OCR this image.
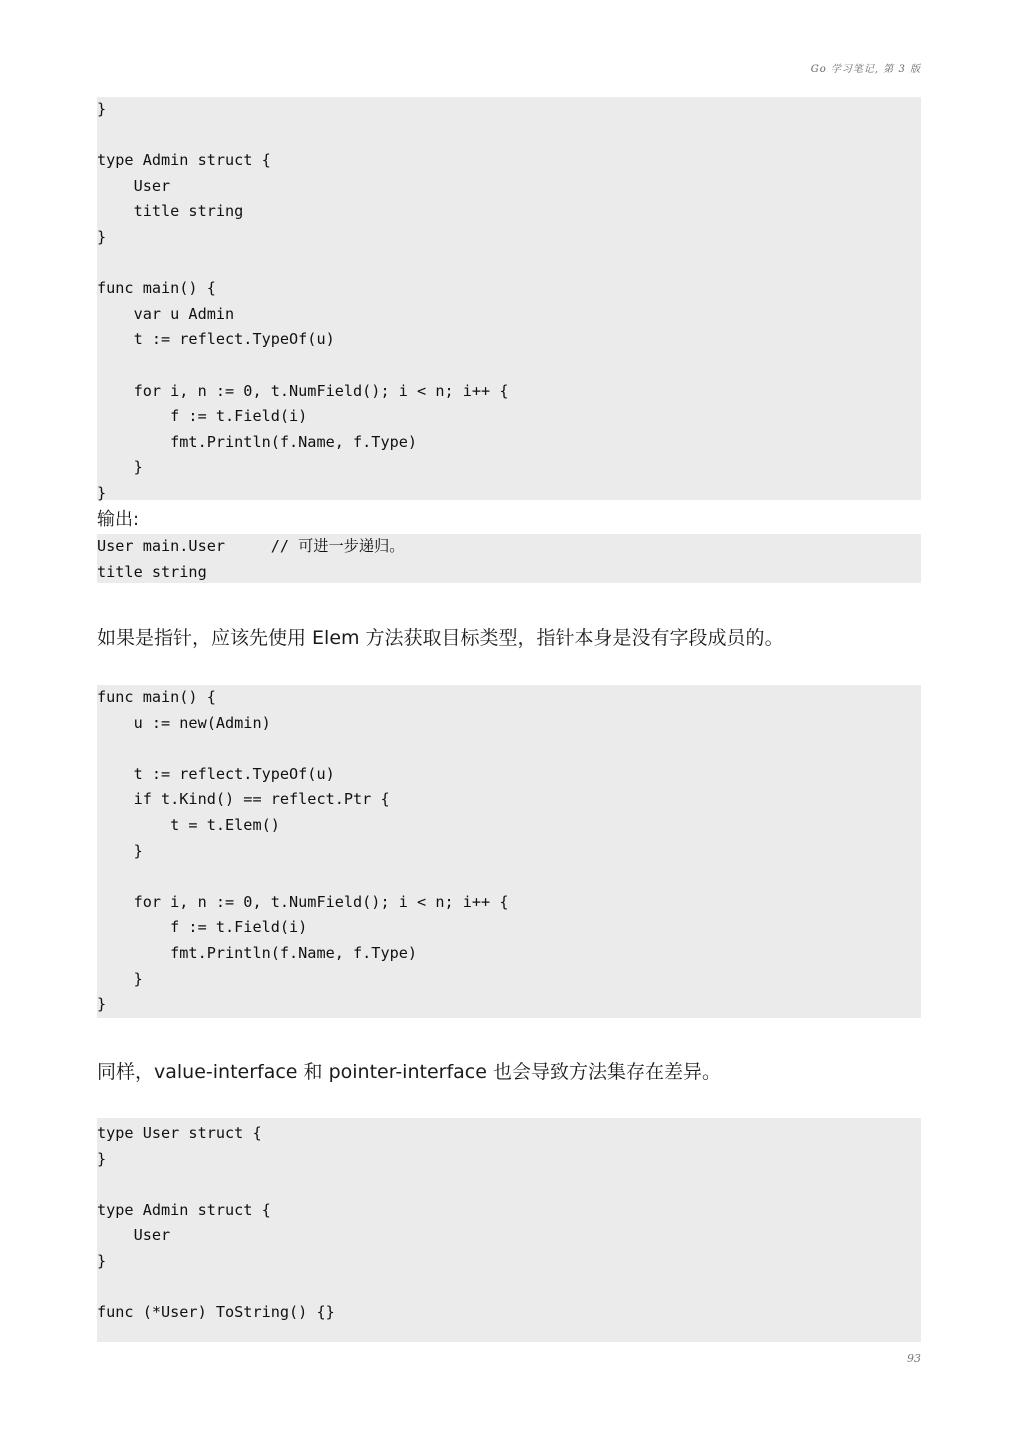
Go 学习笔记, 第 3 版
}
type Admin struct {
User
title string
}
func main() {
var u Admin
t := reflect.TypeOf(u)
for i, n := 0, t.NumField(); i < n; i++ {
f := t.Field(i)
fmt.Println(f.Name, f.Type)
}
}

输出:

User main.User     // 可进一步递归。
title string

如果是指针，应该先使用 Elem 方法获取目标类型，指针本身是没有字段成员的。

func main() {
u := new(Admin)
t := reflect.TypeOf(u)
if t.Kind() == reflect.Ptr {
t = t.Elem()
}
for i, n := 0, t.NumField(); i < n; i++ {
f := t.Field(i)
fmt.Println(f.Name, f.Type)
}
}

同样，value-interface 和 pointer-interface 也会导致方法集存在差异。

type User struct {
}
type Admin struct {
User
}
func (*User) ToString() {}
93
